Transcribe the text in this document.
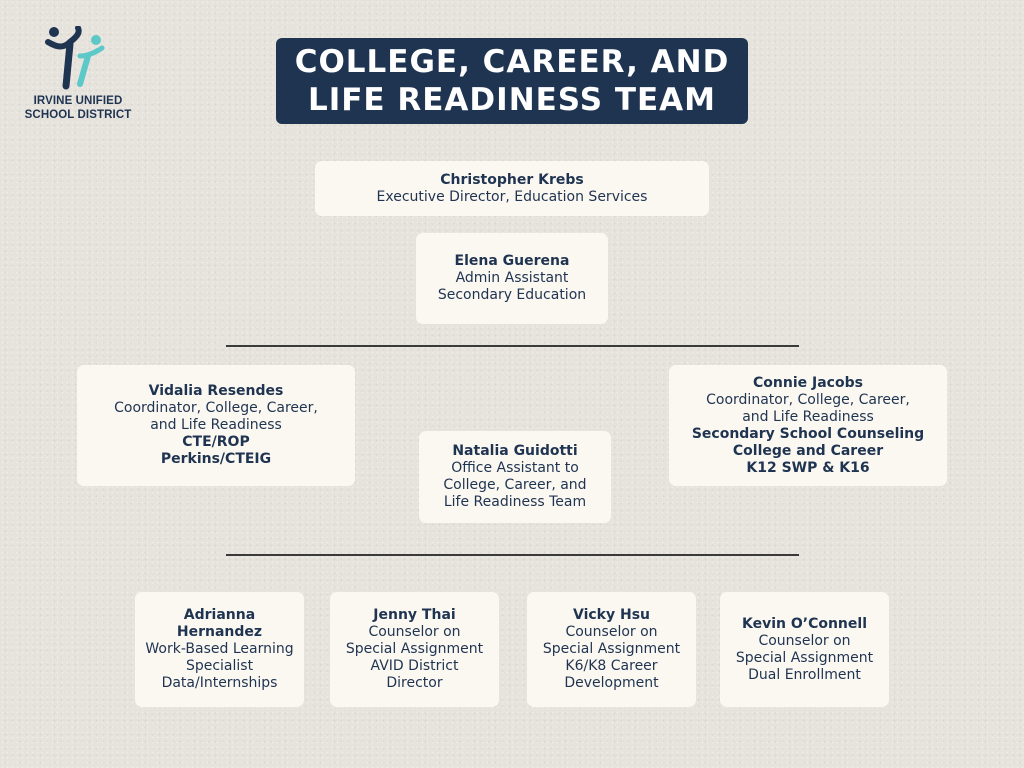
IRVINE UNIFIED
SCHOOL DISTRICT
COLLEGE, CAREER, AND
LIFE READINESS TEAM
Christopher Krebs
Executive Director, Education Services
Elena Guerena
Admin Assistant
Secondary Education
Vidalia Resendes
Coordinator, College, Career,
and Life Readiness
CTE/ROP
Perkins/CTEIG	Natalia Guidotti
Office Assistant to
College, Career, and
Life Readiness Team
Connie Jacobs
Coordinator, College, Career,
and Life Readiness
Secondary School Counseling
College and Career
K12 SWP & K16
Adrianna Hernandez
Work-Based Learning
Specialist
Data/Internships
Jenny Thai
Counselor on
Special Assignment
AVID District
Director
Vicky Hsu
Counselor on
Special Assignment
K6/K8 Career
Development
Kevin O’Connell
Counselor on
Special Assignment
Dual Enrollment
